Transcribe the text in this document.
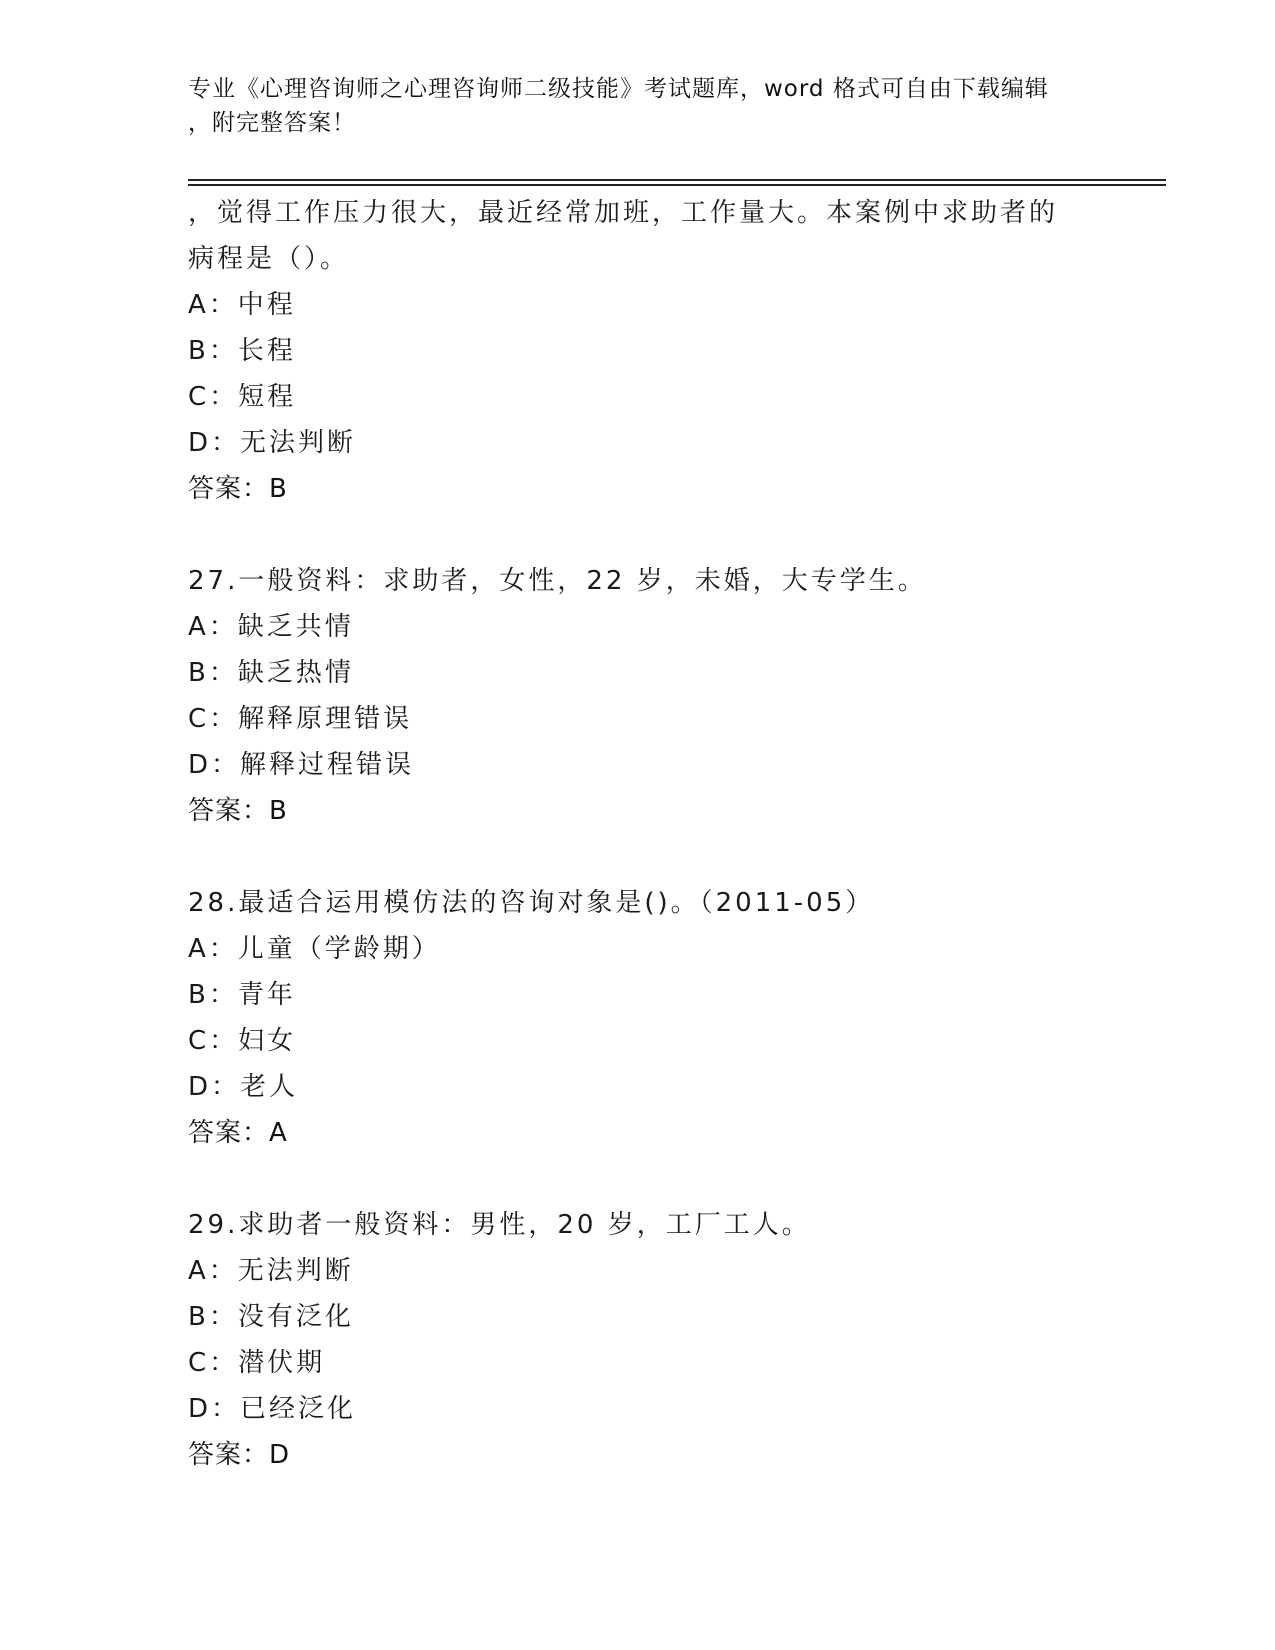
专业《心理咨询师之心理咨询师二级技能》考试题库，word 格式可自由下载编辑
，附完整答案！
，觉得工作压力很大，最近经常加班，工作量大。本案例中求助者的
病程是（）。
A：中程
B：长程
C：短程
D：无法判断
答案：B
27.一般资料：求助者，女性，22 岁，未婚，大专学生。
A：缺乏共情
B：缺乏热情
C：解释原理错误
D：解释过程错误
答案：B
28.最适合运用模仿法的咨询对象是()。（2011-05）
A：儿童（学龄期）
B：青年
C：妇女
D：老人
答案：A
29.求助者一般资料：男性，20 岁，工厂工人。
A：无法判断
B：没有泛化
C：潜伏期
D：已经泛化
答案：D
